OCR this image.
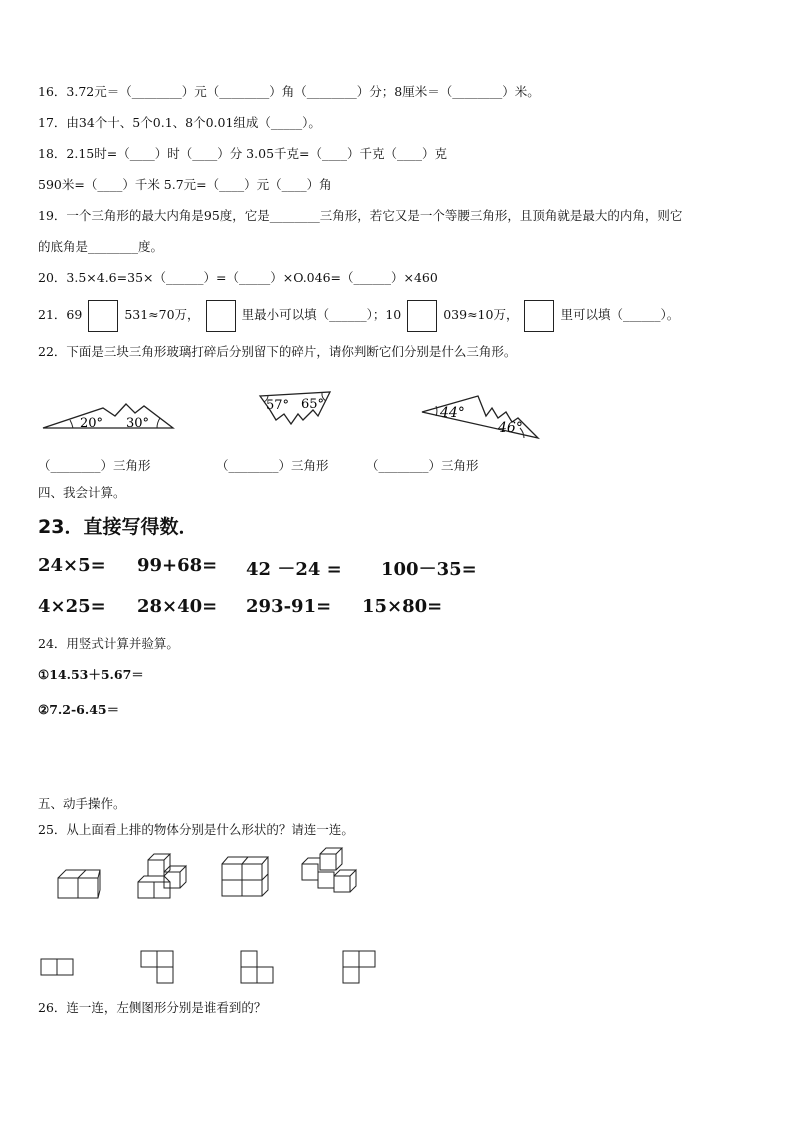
16．3.72元＝（________）元（________）角（________）分；8厘米＝（________）米。
17．由34个十、5个0.1、8个0.01组成（_____）。
18．2.15时=（____）时（____）分 3.05千克=（____）千克（____）克
590米=（____）千米 5.7元=（____）元（____）角
19．一个三角形的最大内角是95度，它是________三角形，若它又是一个等腰三角形，且顶角就是最大的内角，则它
的底角是________度。
20．3.5×4.6=35×（______）=（_____）×O.046=（______）×460
21．69	531≈70万，	里最小可以填（______）；10	039≈10万，	里可以填（______）。
22．下面是三块三角形玻璃打碎后分别留下的碎片，请你判断它们分别是什么三角形。
20° 30°
57° 65°
44°
46°
（________）三角形	（________）三角形	（________）三角形
四、我会计算。
23．直接写得数．
24×5= 99+68= 42 －24 = 100－35=
4×25= 28×40= 293-91= 15×80=
24．用竖式计算并验算。
①14.53＋5.67＝
②7.2-6.45＝
五、动手操作。
25．从上面看上排的物体分别是什么形状的？请连一连。
26．连一连，左侧图形分别是谁看到的？
